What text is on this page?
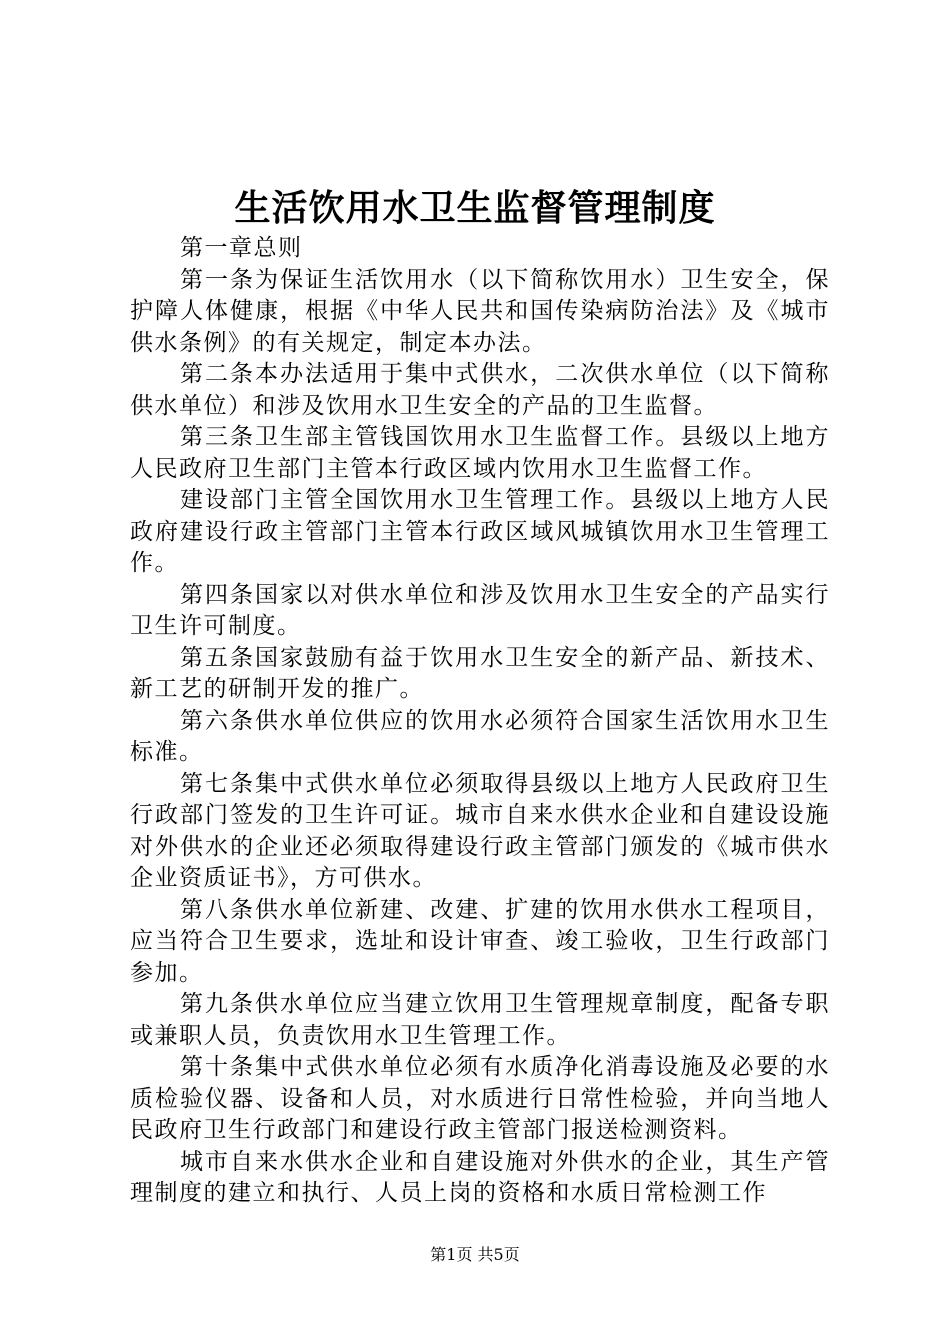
生活饮用水卫生监督管理制度

第一章总则

第一条为保证生活饮用水（以下简称饮用水）卫生安全，保护障人体健康，根据《中华人民共和国传染病防治法》及《城市供水条例》的有关规定，制定本办法。

第二条本办法适用于集中式供水，二次供水单位（以下简称供水单位）和涉及饮用水卫生安全的产品的卫生监督。

第三条卫生部主管钱国饮用水卫生监督工作。县级以上地方人民政府卫生部门主管本行政区域内饮用水卫生监督工作。

建设部门主管全国饮用水卫生管理工作。县级以上地方人民政府建设行政主管部门主管本行政区域风城镇饮用水卫生管理工作。

第四条国家以对供水单位和涉及饮用水卫生安全的产品实行卫生许可制度。

第五条国家鼓励有益于饮用水卫生安全的新产品、新技术、新工艺的研制开发的推广。

第六条供水单位供应的饮用水必须符合国家生活饮用水卫生标准。

第七条集中式供水单位必须取得县级以上地方人民政府卫生行政部门签发的卫生许可证。城市自来水供水企业和自建设设施对外供水的企业还必须取得建设行政主管部门颁发的《城市供水企业资质证书》，方可供水。

第八条供水单位新建、改建、扩建的饮用水供水工程项目，应当符合卫生要求，选址和设计审查、竣工验收，卫生行政部门参加。

第九条供水单位应当建立饮用卫生管理规章制度，配备专职或兼职人员，负责饮用水卫生管理工作。

第十条集中式供水单位必须有水质净化消毒设施及必要的水质检验仪器、设备和人员，对水质进行日常性检验，并向当地人民政府卫生行政部门和建设行政主管部门报送检测资料。

城市自来水供水企业和自建设施对外供水的企业，其生产管理制度的建立和执行、人员上岗的资格和水质日常检测工作

第1页 共5页
